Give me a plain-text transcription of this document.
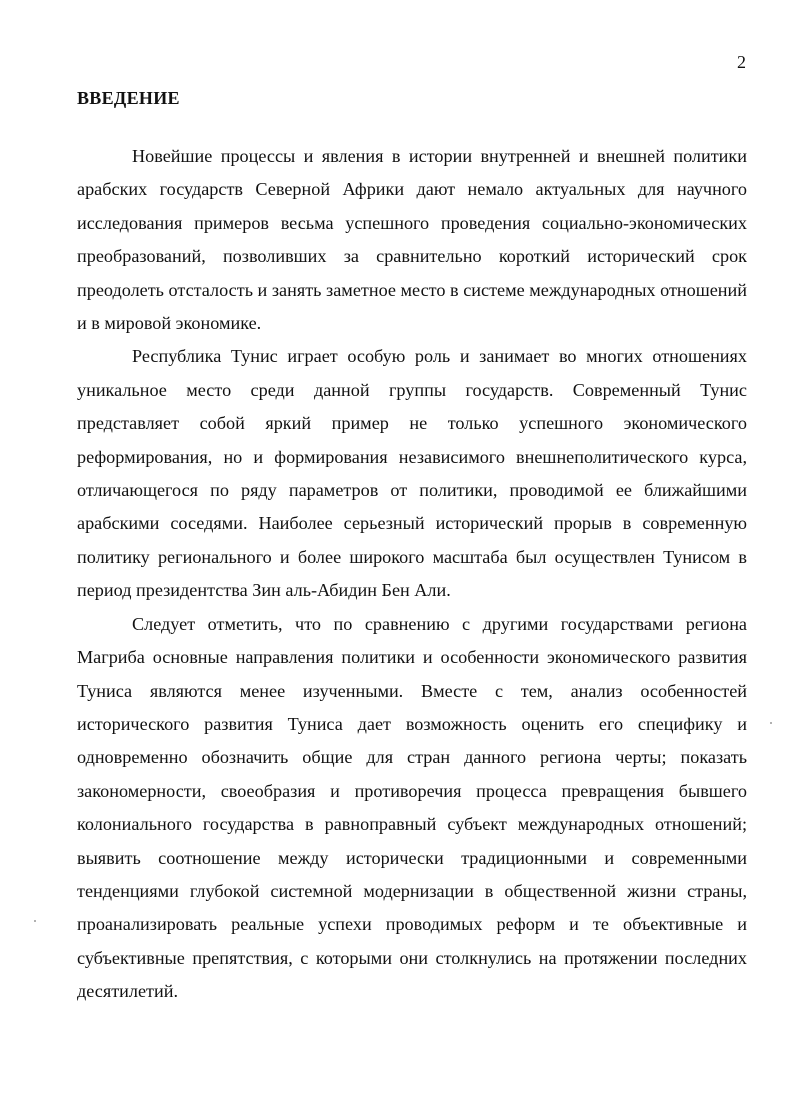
2
ВВЕДЕНИЕ

Новейшие процессы и явления в истории внутренней и внешней политики арабских государств Северной Африки дают немало актуальных для научного исследования примеров весьма успешного проведения социально-экономических преобразований, позволивших за сравнительно короткий исторический срок преодолеть отсталость и занять заметное место в системе международных отношений и в мировой экономике.

Республика Тунис играет особую роль и занимает во многих отношениях уникальное место среди данной группы государств. Современный Тунис представляет собой яркий пример не только успешного экономического реформирования, но и формирования независимого внешнеполитического курса, отличающегося по ряду параметров от политики, проводимой ее ближайшими арабскими соседями. Наиболее серьезный исторический прорыв в современную политику регионального и более широкого масштаба был осуществлен Тунисом в период президентства Зин аль-Абидин Бен Али.

Следует отметить, что по сравнению с другими государствами региона Магриба основные направления политики и особенности экономического развития Туниса являются менее изученными. Вместе с тем, анализ особенностей исторического развития Туниса дает возможность оценить его специфику и одновременно обозначить общие для стран данного региона черты; показать закономерности, своеобразия и противоречия процесса превращения бывшего колониального государства в равноправный субъект международных отношений; выявить соотношение между исторически традиционными и современными тенденциями глубокой системной модернизации в общественной жизни страны, проанализировать реальные успехи проводимых реформ и те объективные и субъективные препятствия, с которыми они столкнулись на протяжении последних десятилетий.
